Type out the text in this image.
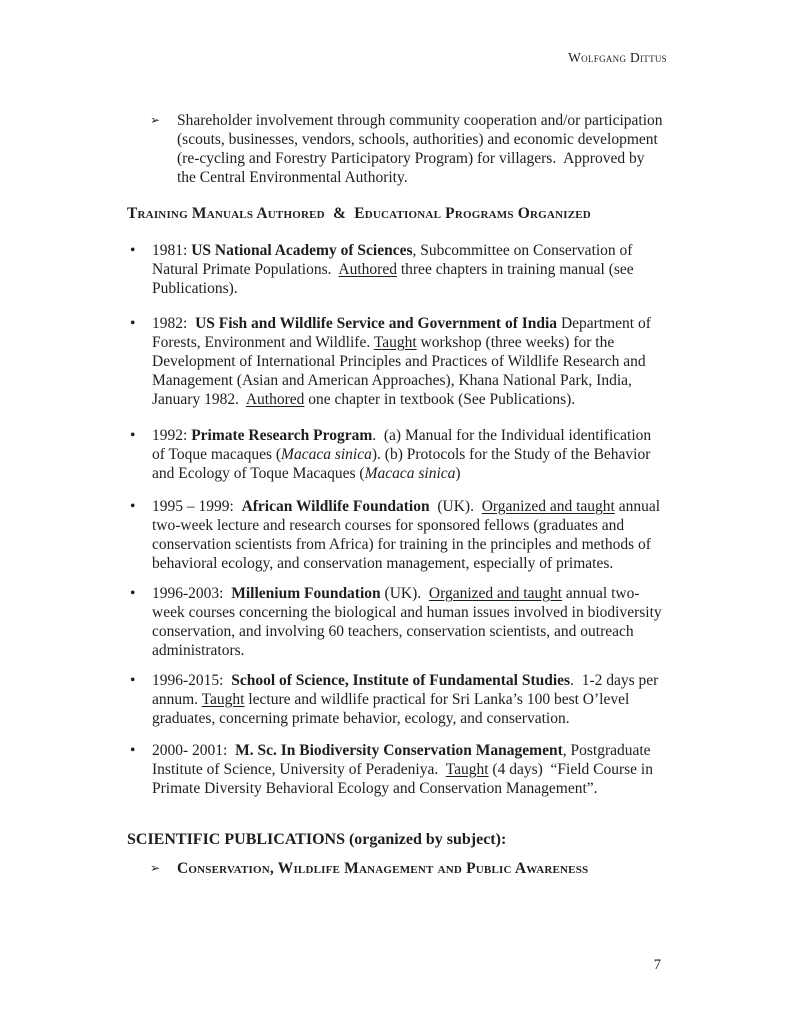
Wolfgang Dittus
➢	Shareholder involvement through community cooperation and/or participation (scouts, businesses, vendors, schools, authorities) and economic development (re-cycling and Forestry Participatory Program) for villagers.  Approved by the Central Environmental Authority.
Training Manuals Authored  &  Educational Programs Organized
•	1981: US National Academy of Sciences, Subcommittee on Conservation of Natural Primate Populations.  Authored three chapters in training manual (see Publications).
•	1982:  US Fish and Wildlife Service and Government of India Department of Forests, Environment and Wildlife. Taught workshop (three weeks) for the Development of International Principles and Practices of Wildlife Research and Management (Asian and American Approaches), Khana National Park, India, January 1982.  Authored one chapter in textbook (See Publications).
•	1992: Primate Research Program.  (a) Manual for the Individual identification of Toque macaques (Macaca sinica). (b) Protocols for the Study of the Behavior and Ecology of Toque Macaques (Macaca sinica)
•	1995 – 1999:  African Wildlife Foundation  (UK).  Organized and taught annual two-week lecture and research courses for sponsored fellows (graduates and conservation scientists from Africa) for training in the principles and methods of behavioral ecology, and conservation management, especially of primates.
•	1996-2003:  Millenium Foundation (UK).  Organized and taught annual two-week courses concerning the biological and human issues involved in biodiversity conservation, and involving 60 teachers, conservation scientists, and outreach administrators.
•	1996-2015:  School of Science, Institute of Fundamental Studies.  1-2 days per annum. Taught lecture and wildlife practical for Sri Lanka’s 100 best O’level graduates, concerning primate behavior, ecology, and conservation.
•	2000- 2001:  M. Sc. In Biodiversity Conservation Management, Postgraduate Institute of Science, University of Peradeniya.  Taught (4 days)  “Field Course in Primate Diversity Behavioral Ecology and Conservation Management”.
SCIENTIFIC PUBLICATIONS (organized by subject):
➢	Conservation, Wildlife Management and Public Awareness
7
